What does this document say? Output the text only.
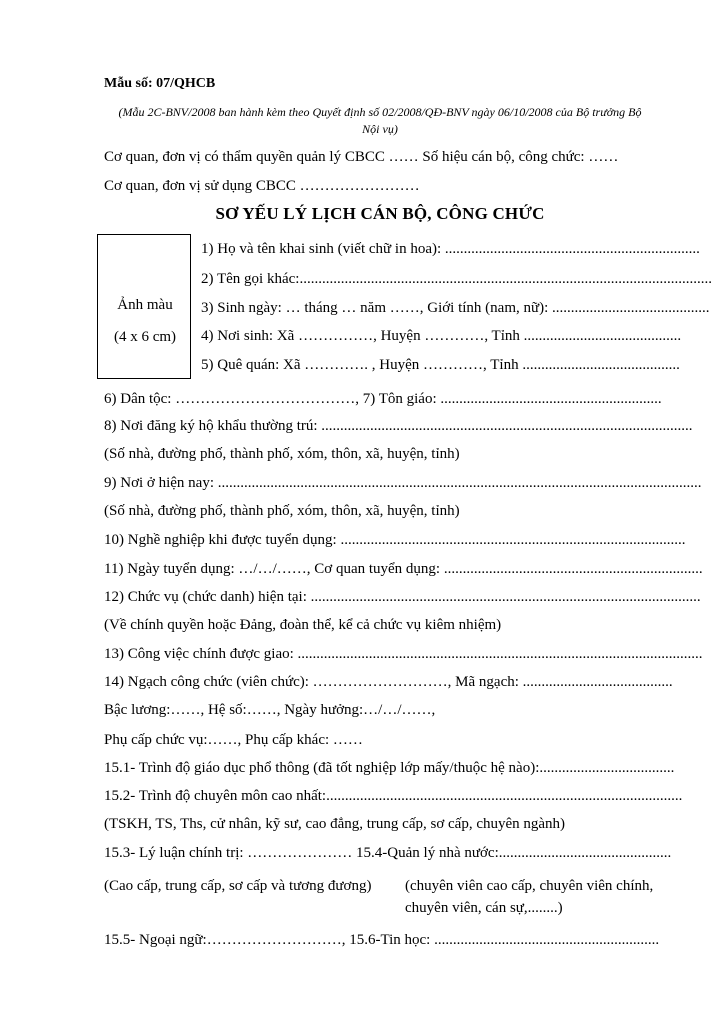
Mẫu số: 07/QHCB
(Mẫu 2C-BNV/2008 ban hành kèm theo Quyết định số 02/2008/QĐ-BNV ngày 06/10/2008 của Bộ trưởng Bộ Nội vụ)
Cơ quan, đơn vị có thẩm quyền quản lý CBCC …… Số hiệu cán bộ, công chức: ……
Cơ quan, đơn vị sử dụng CBCC ……………………
SƠ YẾU LÝ LỊCH CÁN BỘ, CÔNG CHỨC
Ảnh màu
(4 x 6 cm)
1) Họ và tên khai sinh (viết chữ in hoa): ....................................................................
2) Tên gọi khác:..............................................................................................................
3) Sinh ngày: … tháng … năm ……, Giới tính (nam, nữ): ..........................................
4) Nơi sinh: Xã ……………, Huyện …………, Tỉnh ..........................................
5) Quê quán: Xã …………. , Huyện …………, Tỉnh ..........................................
6) Dân tộc: ………………………………, 7) Tôn giáo: ...........................................................
8) Nơi đăng ký hộ khẩu thường trú: ...................................................................................................
(Số nhà, đường phố, thành phố, xóm, thôn, xã, huyện, tỉnh)
9) Nơi ở hiện nay: .................................................................................................................................
(Số nhà, đường phố, thành phố, xóm, thôn, xã, huyện, tỉnh)
10) Nghề nghiệp khi được tuyển dụng: ............................................................................................
11) Ngày tuyển dụng: …/…/……, Cơ quan tuyển dụng: .....................................................................
12) Chức vụ (chức danh) hiện tại: ........................................................................................................
(Về chính quyền hoặc Đảng, đoàn thể, kể cả chức vụ kiêm nhiệm)
13) Công việc chính được giao: ............................................................................................................
14) Ngạch công chức (viên chức): ………………………, Mã ngạch: ........................................
Bậc lương:……, Hệ số:……, Ngày hưởng:…/…/……,
Phụ cấp chức vụ:……, Phụ cấp khác: ……
15.1- Trình độ giáo dục phổ thông (đã tốt nghiệp lớp mấy/thuộc hệ nào):....................................
15.2- Trình độ chuyên môn cao nhất:...............................................................................................
(TSKH, TS, Ths, cử nhân, kỹ sư, cao đẳng, trung cấp, sơ cấp, chuyên ngành)
15.3- Lý luận chính trị: ………………… 15.4-Quản lý nhà nước:..............................................
(Cao cấp, trung cấp, sơ cấp và tương đương)	(chuyên viên cao cấp, chuyên viên chính, chuyên viên, cán sự,........)
15.5- Ngoại ngữ:………………………, 15.6-Tin học: ............................................................
